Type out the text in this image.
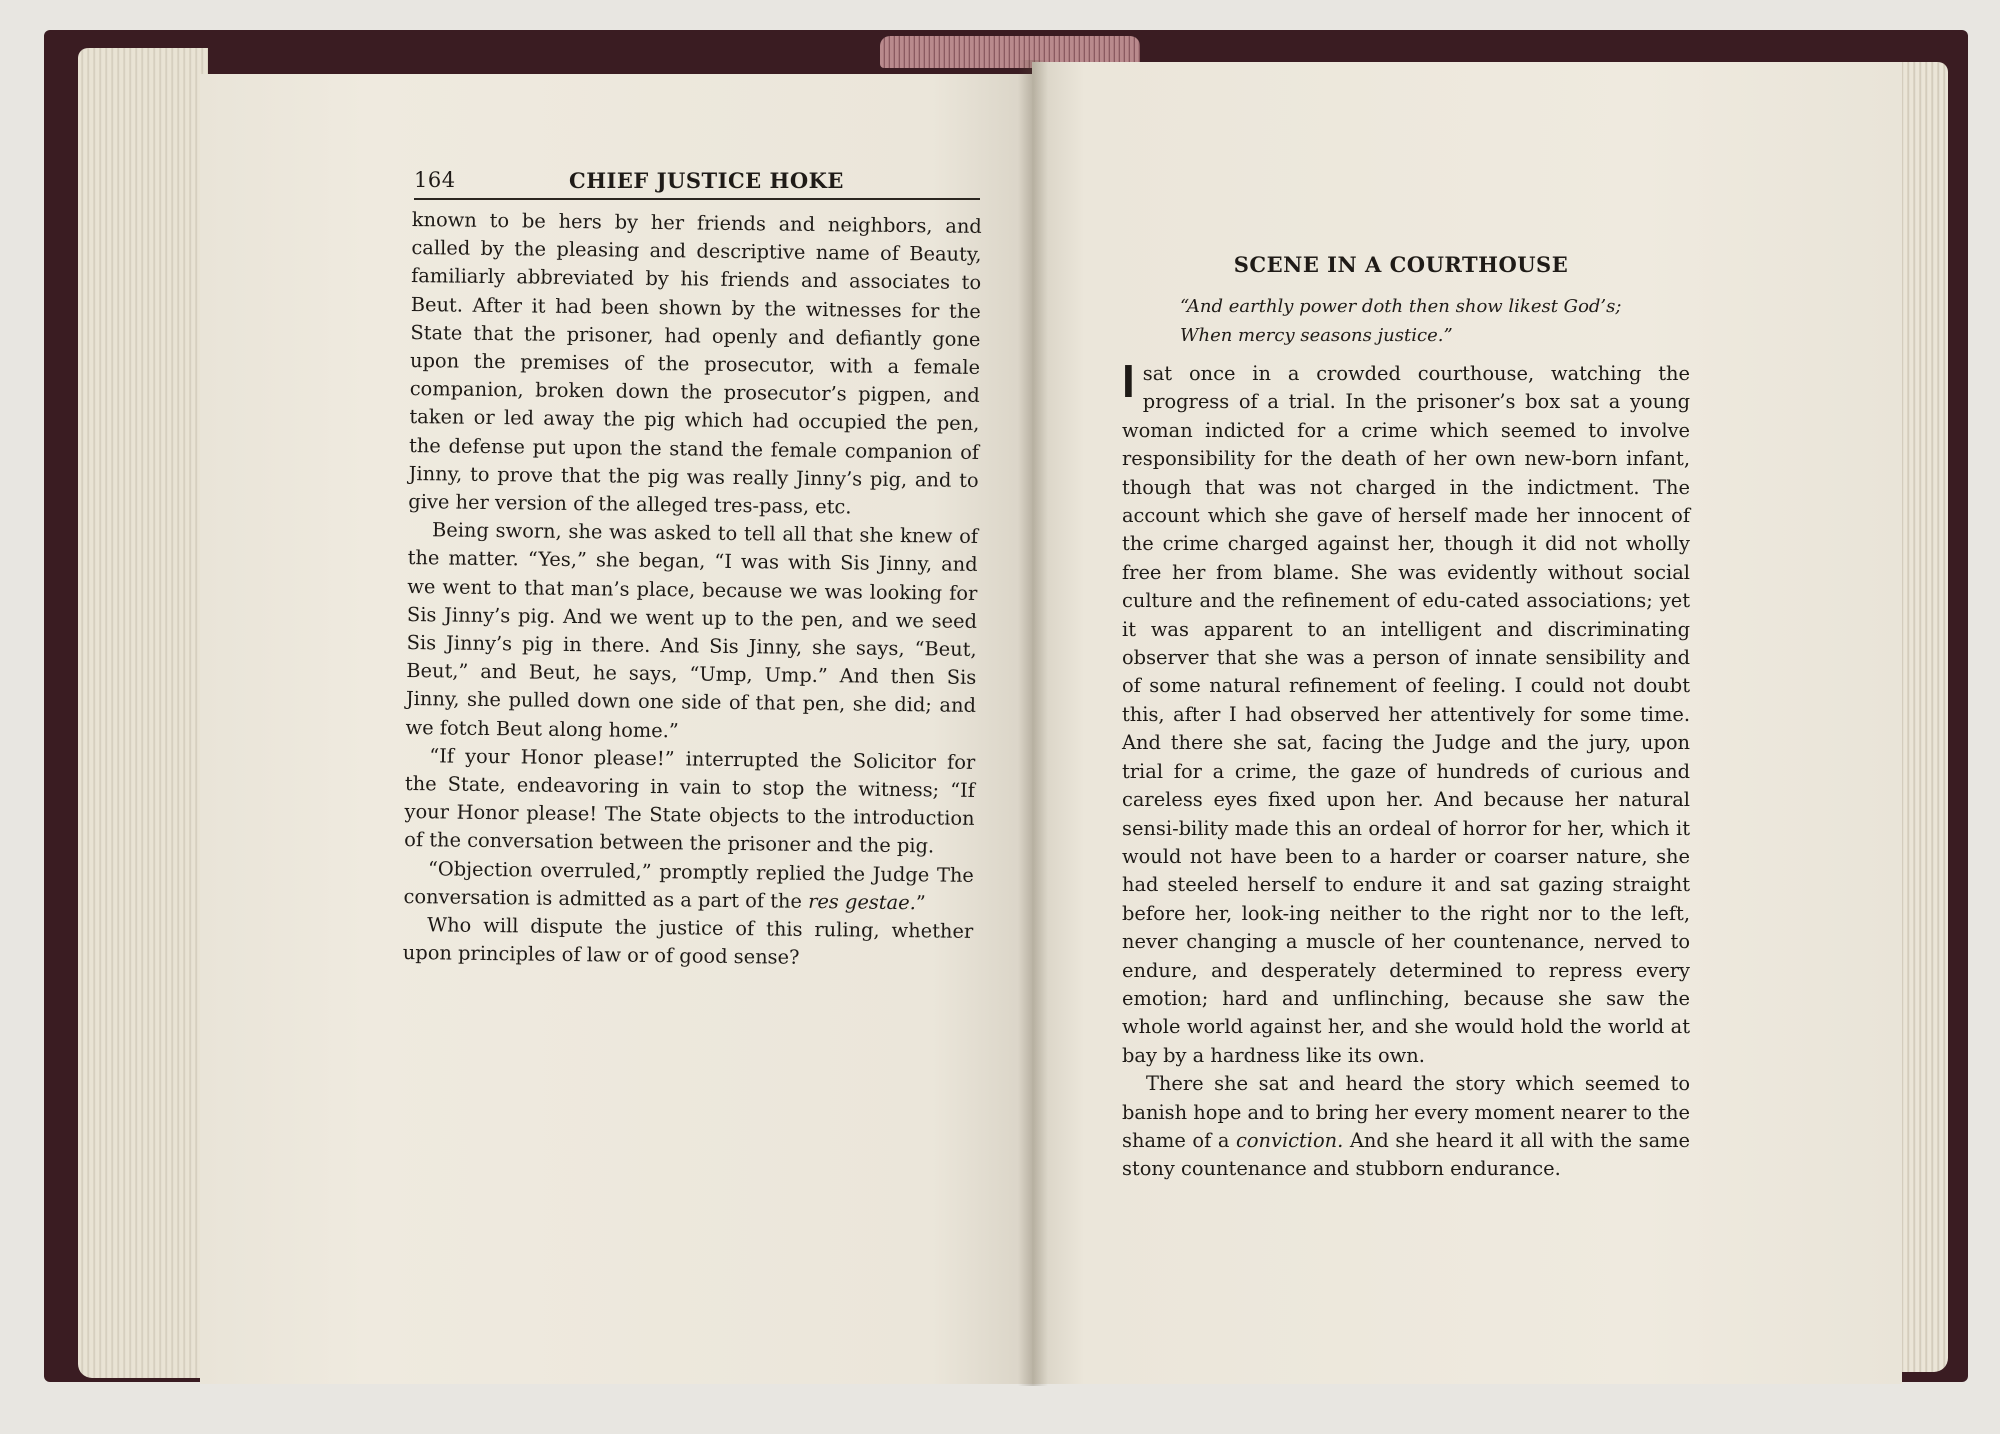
164	CHIEF JUSTICE HOKE

known to be hers by her friends and neighbors, and called by the pleasing and descriptive name of Beauty, familiarly abbreviated by his friends and associates to Beut. After it had been shown by the witnesses for the State that the prisoner, had openly and defiantly gone upon the premises of the prosecutor, with a female companion, broken down the prosecutor’s pigpen, and taken or led away the pig which had occupied the pen, the defense put upon the stand the female companion of Jinny, to prove that the pig was really Jinny’s pig, and to give her version of the alleged tres-pass, etc.

Being sworn, she was asked to tell all that she knew of the matter. “Yes,” she began, “I was with Sis Jinny, and we went to that man’s place, because we was looking for Sis Jinny’s pig. And we went up to the pen, and we seed Sis Jinny’s pig in there. And Sis Jinny, she says, “Beut, Beut,” and Beut, he says, “Ump, Ump.” And then Sis Jinny, she pulled down one side of that pen, she did; and we fotch Beut along home.”

“If your Honor please!” interrupted the Solicitor for the State, endeavoring in vain to stop the witness; “If your Honor please! The State objects to the introduction of the conversation between the prisoner and the pig.

“Objection overruled,” promptly replied the Judge The conversation is admitted as a part of the res gestae.”

Who will dispute the justice of this ruling, whether upon principles of law or of good sense?

SCENE IN A COURTHOUSE
“And earthly power doth then show likest God’s;
When mercy seasons justice.”

Isat once in a crowded courthouse, watching the progress of a trial. In the prisoner’s box sat a young woman indicted for a crime which seemed to involve responsibility for the death of her own new-born infant, though that was not charged in the indictment. The account which she gave of herself made her innocent of the crime charged against her, though it did not wholly free her from blame. She was evidently without social culture and the refinement of edu-cated associations; yet it was apparent to an intelligent and discriminating observer that she was a person of innate sensibility and of some natural refinement of feeling. I could not doubt this, after I had observed her attentively for some time. And there she sat, facing the Judge and the jury, upon trial for a crime, the gaze of hundreds of curious and careless eyes fixed upon her. And because her natural sensi-bility made this an ordeal of horror for her, which it would not have been to a harder or coarser nature, she had steeled herself to endure it and sat gazing straight before her, look-ing neither to the right nor to the left, never changing a muscle of her countenance, nerved to endure, and desperately determined to repress every emotion; hard and unflinching, because she saw the whole world against her, and she would hold the world at bay by a hardness like its own.

There she sat and heard the story which seemed to banish hope and to bring her every moment nearer to the shame of a conviction. And she heard it all with the same stony countenance and stubborn endurance.
